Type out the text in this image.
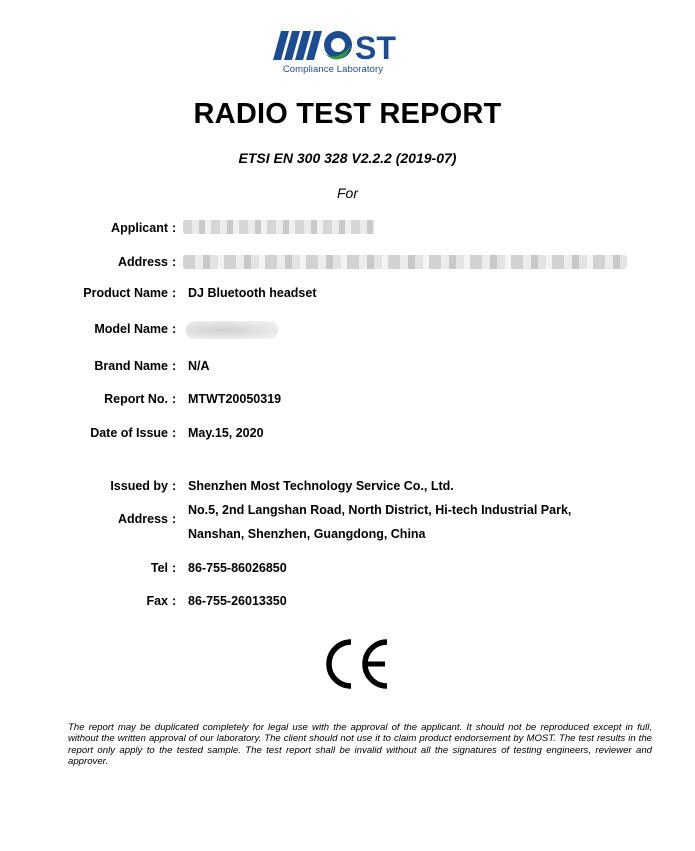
ST
Compliance Laboratory
RADIO TEST REPORT
ETSI EN 300 328 V2.2.2 (2019-07)
For
Applicant :
Address :
Product Name : DJ Bluetooth headset
Model Name :
Brand Name : N/A
Report No. : MTWT20050319
Date of Issue : May.15, 2020
Issued by : Shenzhen Most Technology Service Co., Ltd.
Address :
No.5, 2nd Langshan Road, North District, Hi-tech Industrial Park,
Nanshan, Shenzhen, Guangdong, China
Tel : 86-755-86026850
Fax : 86-755-26013350
The report may be duplicated completely for legal use with the approval of the applicant. It should not be reproduced except in full, without the written approval of our laboratory. The client should not use it to claim product endorsement by MOST. The test results in the report only apply to the tested sample. The test report shall be invalid without all the signatures of testing engineers, reviewer and approver.
